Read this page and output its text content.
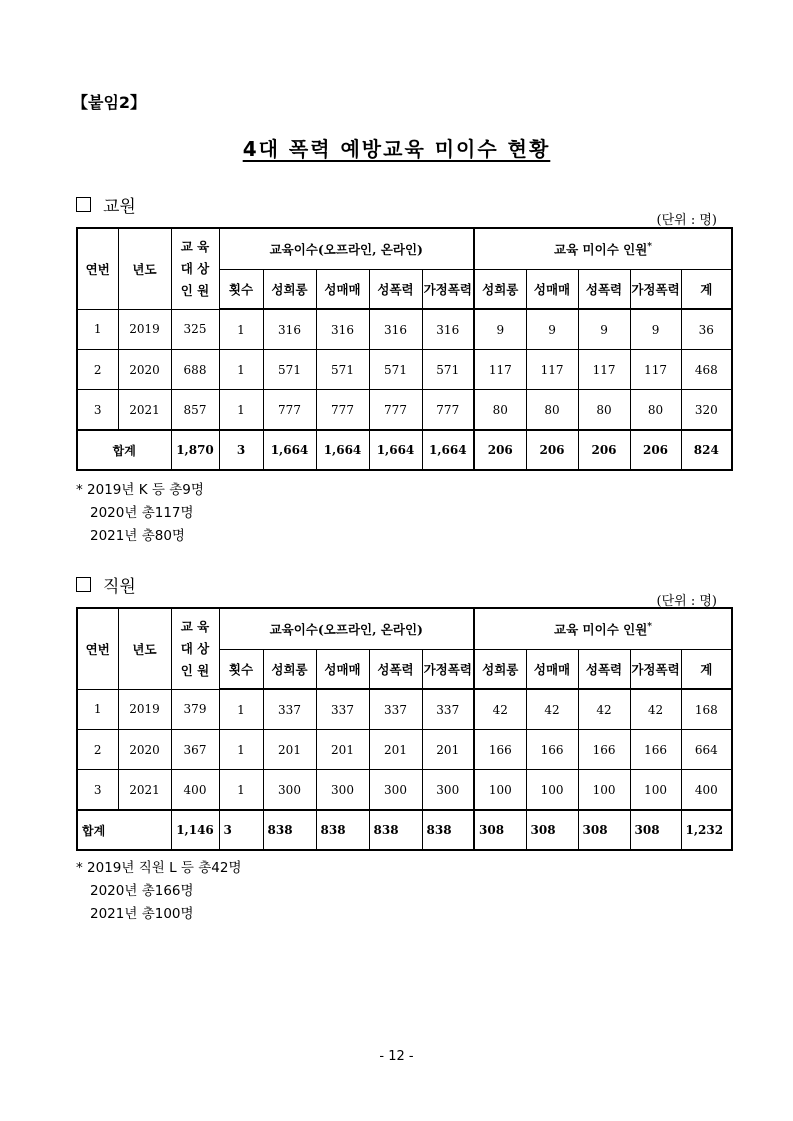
【붙임2】
4대 폭력 예방교육 미이수 현황
교원
(단위 : 명)
연번	년도	교 육
대 상
인 원	교육이수(오프라인, 온라인)					교육 미이수 인원*
			횟수	성희롱	성매매	성폭력	가정폭력	성희롱	성매매	성폭력	가정폭력	계
1	2019	325	1	316	316	316	316	9	9	9	9	36
2	2020	688	1	571	571	571	571	117	117	117	117	468
3	2021	857	1	777	777	777	777	80	80	80	80	320
합계		1,870	3	1,664	1,664	1,664	1,664	206	206	206	206	824
* 2019년 K 등 총9명
2020년 총117명
2021년 총80명
직원
(단위 : 명)
연번	년도	교 육
대 상
인 원	교육이수(오프라인, 온라인)					교육 미이수 인원*
			횟수	성희롱	성매매	성폭력	가정폭력	성희롱	성매매	성폭력	가정폭력	계
1	2019	379	1	337	337	337	337	42	42	42	42	168
2	2020	367	1	201	201	201	201	166	166	166	166	664
3	2021	400	1	300	300	300	300	100	100	100	100	400
합계		1,146	3	838	838	838	838	308	308	308	308	1,232
* 2019년 직원 L 등 총42명
2020년 총166명
2021년 총100명
- 12 -
